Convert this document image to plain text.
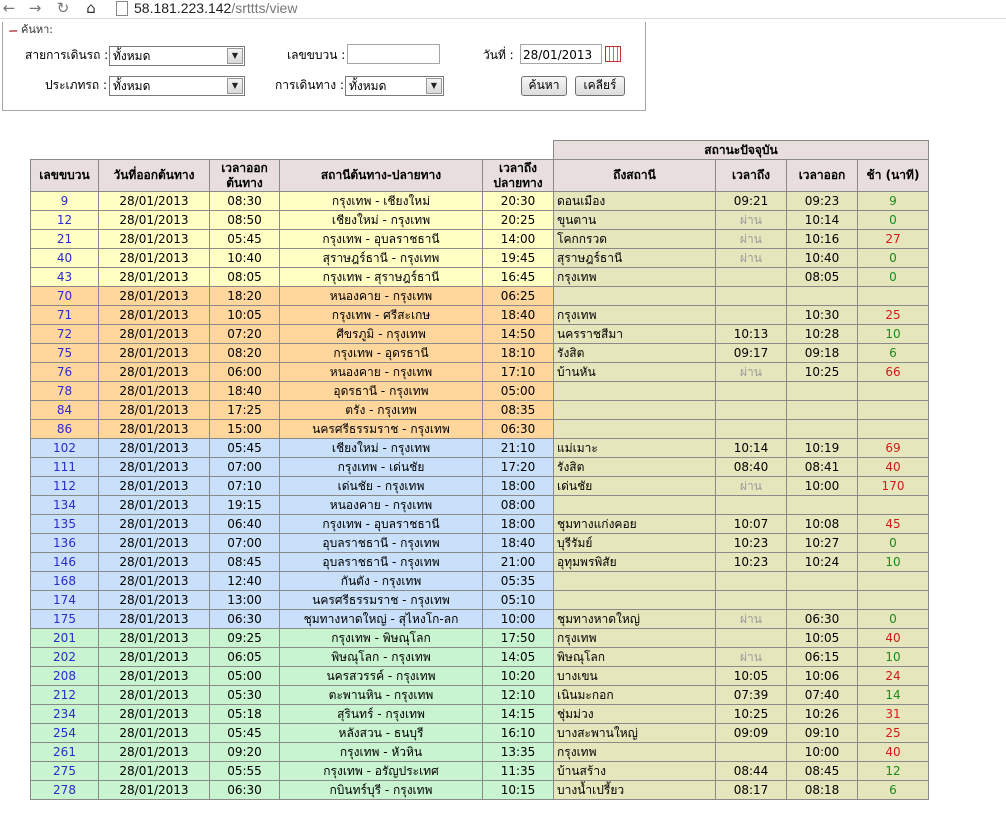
← → ↻ ⌂	58.181.223.142/srttts/view
ค้นหา:
สายการเดินรถ : ทั้งหมด	▼	เลขขบวน :	วันที่ : 28/01/2013
ประเภทรถ : ทั้งหมด	▼	การเดินทาง : ทั้งหมด	▼	ค้นหา	เคลียร์
					สถานะปัจจุบัน			
เลขขบวน	วันที่ออกต้นทาง	เวลาออกต้นทาง	สถานีต้นทาง-ปลายทาง	เวลาถึงปลายทาง	ถึงสถานี	เวลาถึง	เวลาออก	ช้า (นาที)
9	28/01/2013	08:30	กรุงเทพ - เชียงใหม่	20:30	ดอนเมือง	09:21	09:23	9
12	28/01/2013	08:50	เชียงใหม่ - กรุงเทพ	20:25	ขุนตาน	ผ่าน	10:14	0
21	28/01/2013	05:45	กรุงเทพ - อุบลราชธานี	14:00	โคกกรวด	ผ่าน	10:16	27
40	28/01/2013	10:40	สุราษฎร์ธานี - กรุงเทพ	19:45	สุราษฎร์ธานี	ผ่าน	10:40	0
43	28/01/2013	08:05	กรุงเทพ - สุราษฎร์ธานี	16:45	กรุงเทพ		08:05	0
70	28/01/2013	18:20	หนองคาย - กรุงเทพ	06:25				
71	28/01/2013	10:05	กรุงเทพ - ศรีสะเกษ	18:40	กรุงเทพ		10:30	25
72	28/01/2013	07:20	ศีขรภูมิ - กรุงเทพ	14:50	นครราชสีมา	10:13	10:28	10
75	28/01/2013	08:20	กรุงเทพ - อุดรธานี	18:10	รังสิต	09:17	09:18	6
76	28/01/2013	06:00	หนองคาย - กรุงเทพ	17:10	บ้านหัน	ผ่าน	10:25	66
78	28/01/2013	18:40	อุดรธานี - กรุงเทพ	05:00				
84	28/01/2013	17:25	ตรัง - กรุงเทพ	08:35				
86	28/01/2013	15:00	นครศรีธรรมราช - กรุงเทพ	06:30				
102	28/01/2013	05:45	เชียงใหม่ - กรุงเทพ	21:10	แม่เมาะ	10:14	10:19	69
111	28/01/2013	07:00	กรุงเทพ - เด่นชัย	17:20	รังสิต	08:40	08:41	40
112	28/01/2013	07:10	เด่นชัย - กรุงเทพ	18:00	เด่นชัย	ผ่าน	10:00	170
134	28/01/2013	19:15	หนองคาย - กรุงเทพ	08:00				
135	28/01/2013	06:40	กรุงเทพ - อุบลราชธานี	18:00	ชุมทางแก่งคอย	10:07	10:08	45
136	28/01/2013	07:00	อุบลราชธานี - กรุงเทพ	18:40	บุรีรัมย์	10:23	10:27	0
146	28/01/2013	08:45	อุบลราชธานี - กรุงเทพ	21:00	อุทุมพรพิสัย	10:23	10:24	10
168	28/01/2013	12:40	กันตัง - กรุงเทพ	05:35				
174	28/01/2013	13:00	นครศรีธรรมราช - กรุงเทพ	05:10				
175	28/01/2013	06:30	ชุมทางหาดใหญ่ - สุไหงโก-ลก	10:00	ชุมทางหาดใหญ่	ผ่าน	06:30	0
201	28/01/2013	09:25	กรุงเทพ - พิษณุโลก	17:50	กรุงเทพ		10:05	40
202	28/01/2013	06:05	พิษณุโลก - กรุงเทพ	14:05	พิษณุโลก	ผ่าน	06:15	10
208	28/01/2013	05:00	นครสวรรค์ - กรุงเทพ	10:20	บางเขน	10:05	10:06	24
212	28/01/2013	05:30	ตะพานหิน - กรุงเทพ	12:10	เนินมะกอก	07:39	07:40	14
234	28/01/2013	05:18	สุรินทร์ - กรุงเทพ	14:15	ชุ่มม่วง	10:25	10:26	31
254	28/01/2013	05:45	หลังสวน - ธนบุรี	16:10	บางสะพานใหญ่	09:09	09:10	25
261	28/01/2013	09:20	กรุงเทพ - หัวหิน	13:35	กรุงเทพ		10:00	40
275	28/01/2013	05:55	กรุงเทพ - อรัญประเทศ	11:35	บ้านสร้าง	08:44	08:45	12
278	28/01/2013	06:30	กบินทร์บุรี - กรุงเทพ	10:15	บางน้ำเปรี้ยว	08:17	08:18	6
